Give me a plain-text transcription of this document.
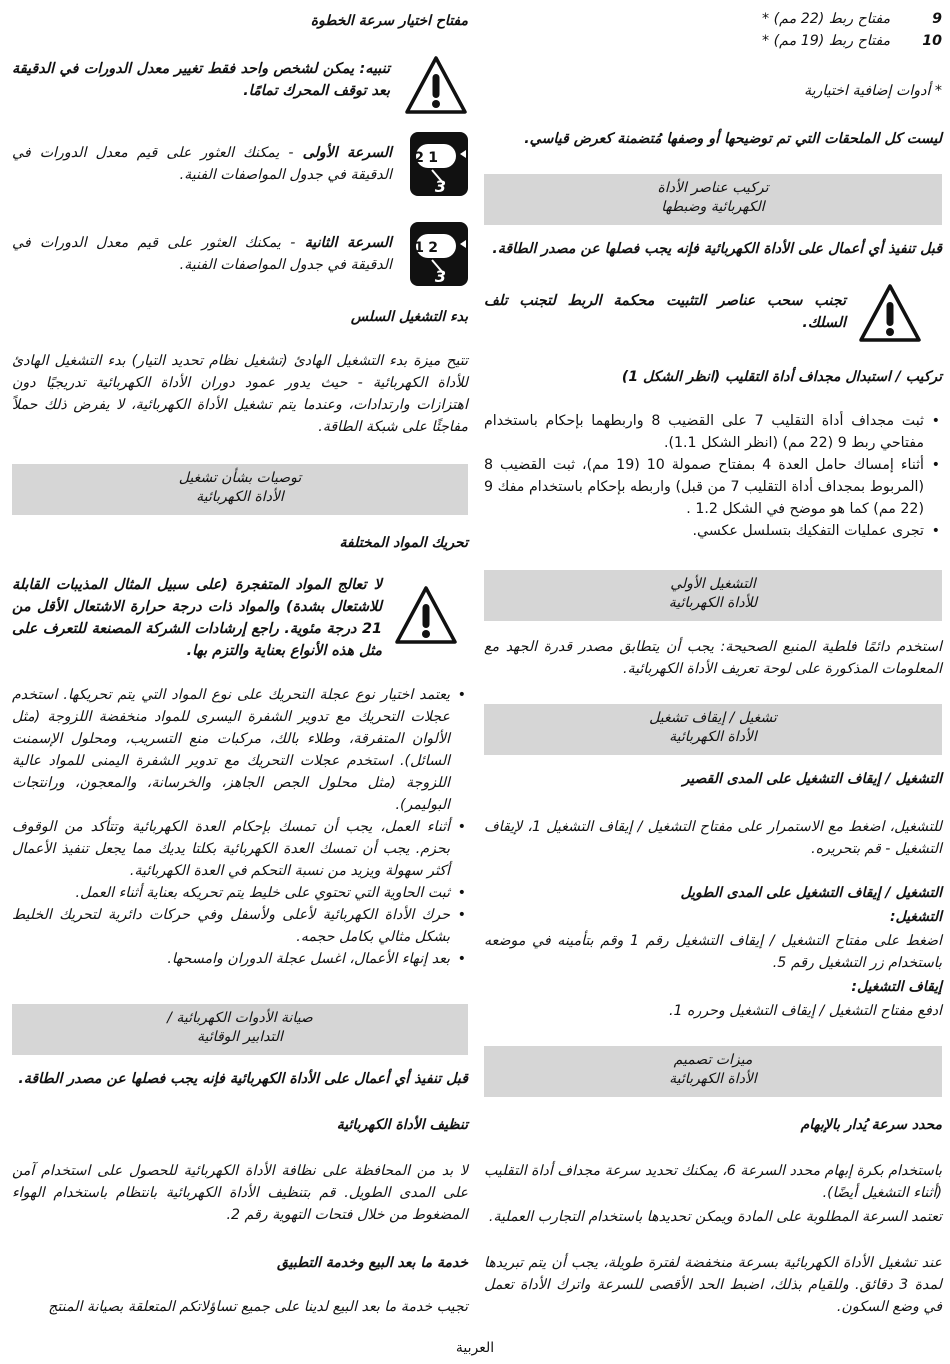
9
مفتاح ربط (22 مم) *
10
مفتاح ربط (19 مم) *
* أدوات إضافية اختيارية
ليست كل الملحقات التي تم توضيحها أو وصفها مُتضمنة كعرض قياسي.
تركيب عناصر الأداة
الكهربائية وضبطها
قبل تنفيذ أي أعمال على الأداة الكهربائية فإنه يجب فصلها عن مصدر الطاقة.
تجنب سحب عناصر التثبيت محكمة الربط لتجنب تلف السلك.
تركيب / استبدال مجداف أداة التقليب (انظر الشكل 1)
• ثبت مجداف أداة التقليب 7 على القضيب 8 واربطهما بإحكام باستخدام مفتاحي ربط 9 (22 مم) (انظر الشكل 1.1).
• أثناء إمساك حامل العدة 4 بمفتاح صمولة 10 (19 مم)، ثبت القضيب 8 (المربوط بمجداف أداة التقليب 7 من قبل) واربطه بإحكام باستخدام مفك 9 (22 مم) كما هو موضح في الشكل 1.2 .
• تجرى عمليات التفكيك بتسلسل عكسي.
التشغيل الأولي
للأداة الكهربائية
استخدم دائمًا فلطية المنبع الصحيحة: يجب أن يتطابق مصدر قدرة الجهد مع المعلومات المذكورة على لوحة تعريف الأداة الكهربائية.
تشغيل / إيقاف تشغيل
الأداة الكهربائية
التشغيل / إيقاف التشغيل على المدى القصير
للتشغيل، اضغط مع الاستمرار على مفتاح التشغيل / إيقاف التشغيل 1، لإيقاف التشغيل - قم بتحريره.
التشغيل / إيقاف التشغيل على المدى الطويل
التشغيل:
اضغط على مفتاح التشغيل / إيقاف التشغيل رقم 1 وقم بتأمينه في موضعه باستخدام زر التشغيل رقم 5.
إيقاف التشغيل:
ادفع مفتاح التشغيل / إيقاف التشغيل وحرره 1.
ميزات تصميم
الأداة الكهربائية
محدد سرعة يُدار بالإبهام
باستخدام بكرة إبهام محدد السرعة 6، يمكنك تحديد سرعة مجداف أداة التقليب (أثناء التشغيل أيضًا).
تعتمد السرعة المطلوبة على المادة ويمكن تحديدها باستخدام التجارب العملية.
عند تشغيل الأداة الكهربائية بسرعة منخفضة لفترة طويلة، يجب أن يتم تبريدها لمدة 3 دقائق. وللقيام بذلك، اضبط الحد الأقصى للسرعة واترك الأداة تعمل في وضع السكون.
مفتاح اختيار سرعة الخطوة
تنبيه: يمكن لشخص واحد فقط تغيير معدل الدورات في الدقيقة بعد توقف المحرك تمامًا.
2 1
3
السرعة الأولى - يمكنك العثور على قيم معدل الدورات في الدقيقة في جدول المواصفات الفنية.
1 2
3
السرعة الثانية - يمكنك العثور على قيم معدل الدورات في الدقيقة في جدول المواصفات الفنية.
بدء التشغيل السلس
تتيح ميزة بدء التشغيل الهادئ (تشغيل نظام تحديد التيار) بدء التشغيل الهادئ للأداة الكهربائية - حيث يدور عمود دوران الأداة الكهربائية تدريجيًا دون اهتزازات وارتدادات، وعندما يتم تشغيل الأداة الكهربائية، لا يفرض ذلك حملاً مفاجئًا على شبكة الطاقة.
توصيات بشأن تشغيل
الأداة الكهربائية
تحريك المواد المختلفة
لا تعالج المواد المتفجرة (على سبيل المثال المذيبات القابلة للاشتعال بشدة) والمواد ذات درجة حرارة الاشتعال الأقل من 21 درجة مئوية. راجع إرشادات الشركة المصنعة للتعرف على مثل هذه الأنواع بعناية والتزم بها.
• يعتمد اختيار نوع عجلة التحريك على نوع المواد التي يتم تحريكها. استخدم عجلات التحريك مع تدوير الشفرة اليسرى للمواد منخفضة اللزوجة (مثل الألوان المتفرقة، وطلاء بالك، مركبات منع التسريب، ومحلول الإسمنت السائل). استخدم عجلات التحريك مع تدوير الشفرة اليمنى للمواد عالية اللزوجة (مثل محلول الجص الجاهز، والخرسانة، والمعجون، ورانتجات البوليمر).
• أثناء العمل، يجب أن تمسك بإحكام العدة الكهربائية وتتأكد من الوقوف بحزم. يجب أن تمسك العدة الكهربائية بكلتا يديك مما يجعل تنفيذ الأعمال أكثر سهولة ويزيد من نسبة التحكم في العدة الكهربائية.
• ثبت الحاوية التي تحتوي على خليط يتم تحريكه بعناية أثناء العمل.
• حرك الأداة الكهربائية لأعلى ولأسفل وفي حركات دائرية لتحريك الخليط بشكل مثالي بكامل حجمه.
• بعد إنهاء الأعمال، اغسل عجلة الدوران وامسحها.
صيانة الأدوات الكهربائية /
التدابير الوقائية
قبل تنفيذ أي أعمال على الأداة الكهربائية فإنه يجب فصلها عن مصدر الطاقة.
تنظيف الأداة الكهربائية
لا بد من المحافظة على نظافة الأداة الكهربائية للحصول على استخدام آمن على المدى الطويل. قم بتنظيف الأداة الكهربائية بانتظام باستخدام الهواء المضغوط من خلال فتحات التهوية رقم 2.
خدمة ما بعد البيع وخدمة التطبيق
تجيب خدمة ما بعد البيع لدينا على جميع تساؤلاتكم المتعلقة بصيانة المنتج
العربية
